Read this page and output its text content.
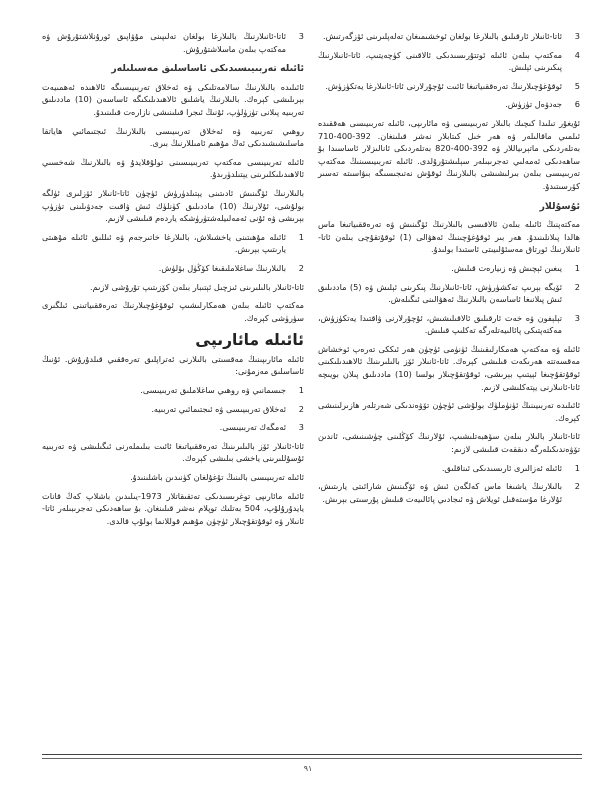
3
ئاتا-ئانىلار ئارقىلىق بالىلارغا بولغان ئوخشىمىغان تەلەپلىرىنى ئۆزگەرتىش.
4
مەكتەپ بىلەن ئائىلە ئوتتۇرىسىدىكى ئالاقىنى كۈچەيتىپ، ئاتا-ئانىلارنىڭ پىكىرىنى ئېلىش.
5
ئوقۇغۇچىلارنىڭ تەرەققىياتىغا ئائىت ئۇچۇرلارنى ئاتا-ئانىلارغا يەتكۈزۈش.
6
جەدۋەل تۈزۈش.

ئۇيغۇر تىلىدا كىچىك بالىلار تەربىيىسى ۋە مائارىپى، ئائىلە تەربىيىسى ھەققىدە ئىلمىي ماقالىلەر ۋە ھەر خىل كىتابلار نەشر قىلىنغان. 392-400-710 بەتلەردىكى ماتېرىياللار ۋە 392-400-820 بەتلەردىكى ئانالىزلار ئاساسىدا بۇ ساھەدىكى ئەمەلىي تەجرىبىلەر سېلىشتۇرۇلدى. ئائىلە تەربىيىسىنىڭ مەكتەپ تەربىيىسى بىلەن بىرلىشىشى بالىلارنىڭ ئوقۇش نەتىجىسىگە بىۋاسىتە تەسىر كۆرسىتىدۇ.

ئۇسۇللار

مەكتەپنىڭ ئائىلە بىلەن ئالاقىسى بالىلارنىڭ ئۆگىنىش ۋە تەرەققىياتىغا ماس ھالدا پىلانلىنىدۇ. ھەر بىر ئوقۇغۇچىنىڭ ئەھۋالى (1) ئوقۇتقۇچى بىلەن ئاتا-ئانىلارنىڭ ئورتاق مەسئۇلىيىتى ئاستىدا بولىدۇ.

1
يىغىن ئېچىش ۋە زىيارەت قىلىش.
2
ئۆيگە بېرىپ تەكشۈرۈش، ئاتا-ئانىلارنىڭ پىكرىنى ئېلىش ۋە (5) ماددىلىق ئىش پىلانىغا ئاساسەن بالىلارنىڭ ئەھۋالىنى ئىگىلەش.
3
تېلېفون ۋە خەت ئارقىلىق ئالاقىلىشىش، ئۇچۇرلارنى ۋاقتىدا يەتكۈزۈش، مەكتەپتىكى پائالىيەتلەرگە تەكلىپ قىلىش.

ئائىلە ۋە مەكتەپ ھەمكارلىقىنىڭ ئۈنۈمى ئۈچۈن ھەر ئىككى تەرەپ ئوخشاش مەقسەتتە ھەرىكەت قىلىشى كېرەك. ئاتا-ئانىلار ئۆز بالىلىرىنىڭ ئالاھىدىلىكىنى ئوقۇتقۇچىغا ئېيتىپ بېرىشى، ئوقۇتقۇچىلار بولسا (10) ماددىلىق پىلان بويىچە ئاتا-ئانىلارنى يېتەكلىشى لازىم.

ئائىلىدە تەربىيىنىڭ ئۈنۈملۈك بولۇشى ئۈچۈن تۆۋەندىكى شەرتلەر ھازىرلىنىشى كېرەك.

ئاتا-ئانىلار بالىلار بىلەن سۆھبەتلىشىپ، ئۇلارنىڭ كۆڭلىنى چۈشىنىشى، ئاندىن تۆۋەندىكىلەرگە دىققەت قىلىشى لازىم:

1
ئائىلە ئەزالىرى ئارىسىدىكى ئىناقلىق.
2
بالىلارنىڭ ياشىغا ماس كەلگەن ئىش ۋە ئۆگىنىش شارائىتى يارىتىش، ئۇلارغا مۇستەقىل ئويلاش ۋە ئىجادىي پائالىيەت قىلىش پۇرسىتى بېرىش.
3
ئاتا-ئانىلارنىڭ بالىلارغا بولغان تەلىپىنى مۇۋاپىق ئورۇنلاشتۇرۇش ۋە مەكتەپ بىلەن ماسلاشتۇرۇش.
ئائىلە تەربىيىسىدىكى ئاساسلىق مەسىلىلەر

ئائىلىدە بالىلارنىڭ سالامەتلىكى ۋە ئەخلاق تەربىيىسىگە ئالاھىدە ئەھمىيەت بېرىلىشى كېرەك. بالىلارنىڭ ياشلىق ئالاھىدىلىكىگە ئاساسەن (10) ماددىلىق تەربىيە پىلانى تۈزۈلۈپ، ئۇنىڭ ئىجرا قىلىنىشى نازارەت قىلىنىدۇ.

روھىي تەربىيە ۋە ئەخلاق تەربىيىسى بالىلارنىڭ ئىجتىمائىي ھاياتقا ماسلىشىشىدىكى ئەڭ مۇھىم ئامىللارنىڭ بىرى.

ئائىلە تەربىيىسى مەكتەپ تەربىيىسىنى تولۇقلايدۇ ۋە بالىلارنىڭ شەخسىي ئالاھىدىلىكلىرىنى يېتىلدۈرىدۇ.

بالىلارنىڭ ئۆگىنىش ئادىتىنى يېتىلدۈرۈش ئۈچۈن ئاتا-ئانىلار ئۆزلىرى ئۈلگە بولۇشى، ئۇلارنىڭ (10) ماددىلىق كۈنلۈك ئىش ۋاقىت جەدۋىلىنى تۈزۈپ بېرىشى ۋە ئۇنى ئەمەلىيلەشتۈرۈشكە ياردەم قىلىشى لازىم.

1
ئائىلە مۇھىتىنى ياخشىلاش، بالىلارغا خاتىرجەم ۋە ئىللىق ئائىلە مۇھىتى يارىتىپ بېرىش.
2
بالىلارنىڭ ساغلاملىقىغا كۆڭۈل بۆلۈش.

ئاتا-ئانىلار بالىلىرىنى ئىزچىل ئېتىبار بىلەن كۆزىتىپ تۇرۇشى لازىم.

مەكتەپ ئائىلە بىلەن ھەمكارلىشىپ ئوقۇغۇچىلارنىڭ تەرەققىياتىنى ئىلگىرى سۈرۈشى كېرەك.

ئائىلە مائارىپى

ئائىلە مائارىپىنىڭ مەقسىتى بالىلارنى ئەتراپلىق تەرەققىي قىلدۇرۇش. ئۇنىڭ ئاساسلىق مەزمۇنى:

1
جىسمانىي ۋە روھىي ساغلاملىق تەربىيىسى.
2
ئەخلاق تەربىيىسى ۋە ئىجتىمائىي تەربىيە.
3
ئەمگەك تەربىيىسى.

ئاتا-ئانىلار ئۆز بالىلىرىنىڭ تەرەققىياتىغا ئائىت بىلىملەرنى ئىگىلىشى ۋە تەربىيە ئۇسۇللىرىنى ياخشى بىلىشى كېرەك.

ئائىلە تەربىيىسى بالىنىڭ تۇغۇلغان كۈنىدىن باشلىنىدۇ.

ئائىلە مائارىپى توغرىسىدىكى تەتقىقاتلار 1973-يىلىدىن باشلاپ كەڭ قانات يايدۇرۇلۇپ، 504 بەتلىك توپلام نەشر قىلىنغان. بۇ ساھەدىكى تەجرىبىلەر ئاتا-ئانىلار ۋە ئوقۇتقۇچىلار ئۈچۈن مۇھىم قوللانما بولۇپ قالدى.

٩١
